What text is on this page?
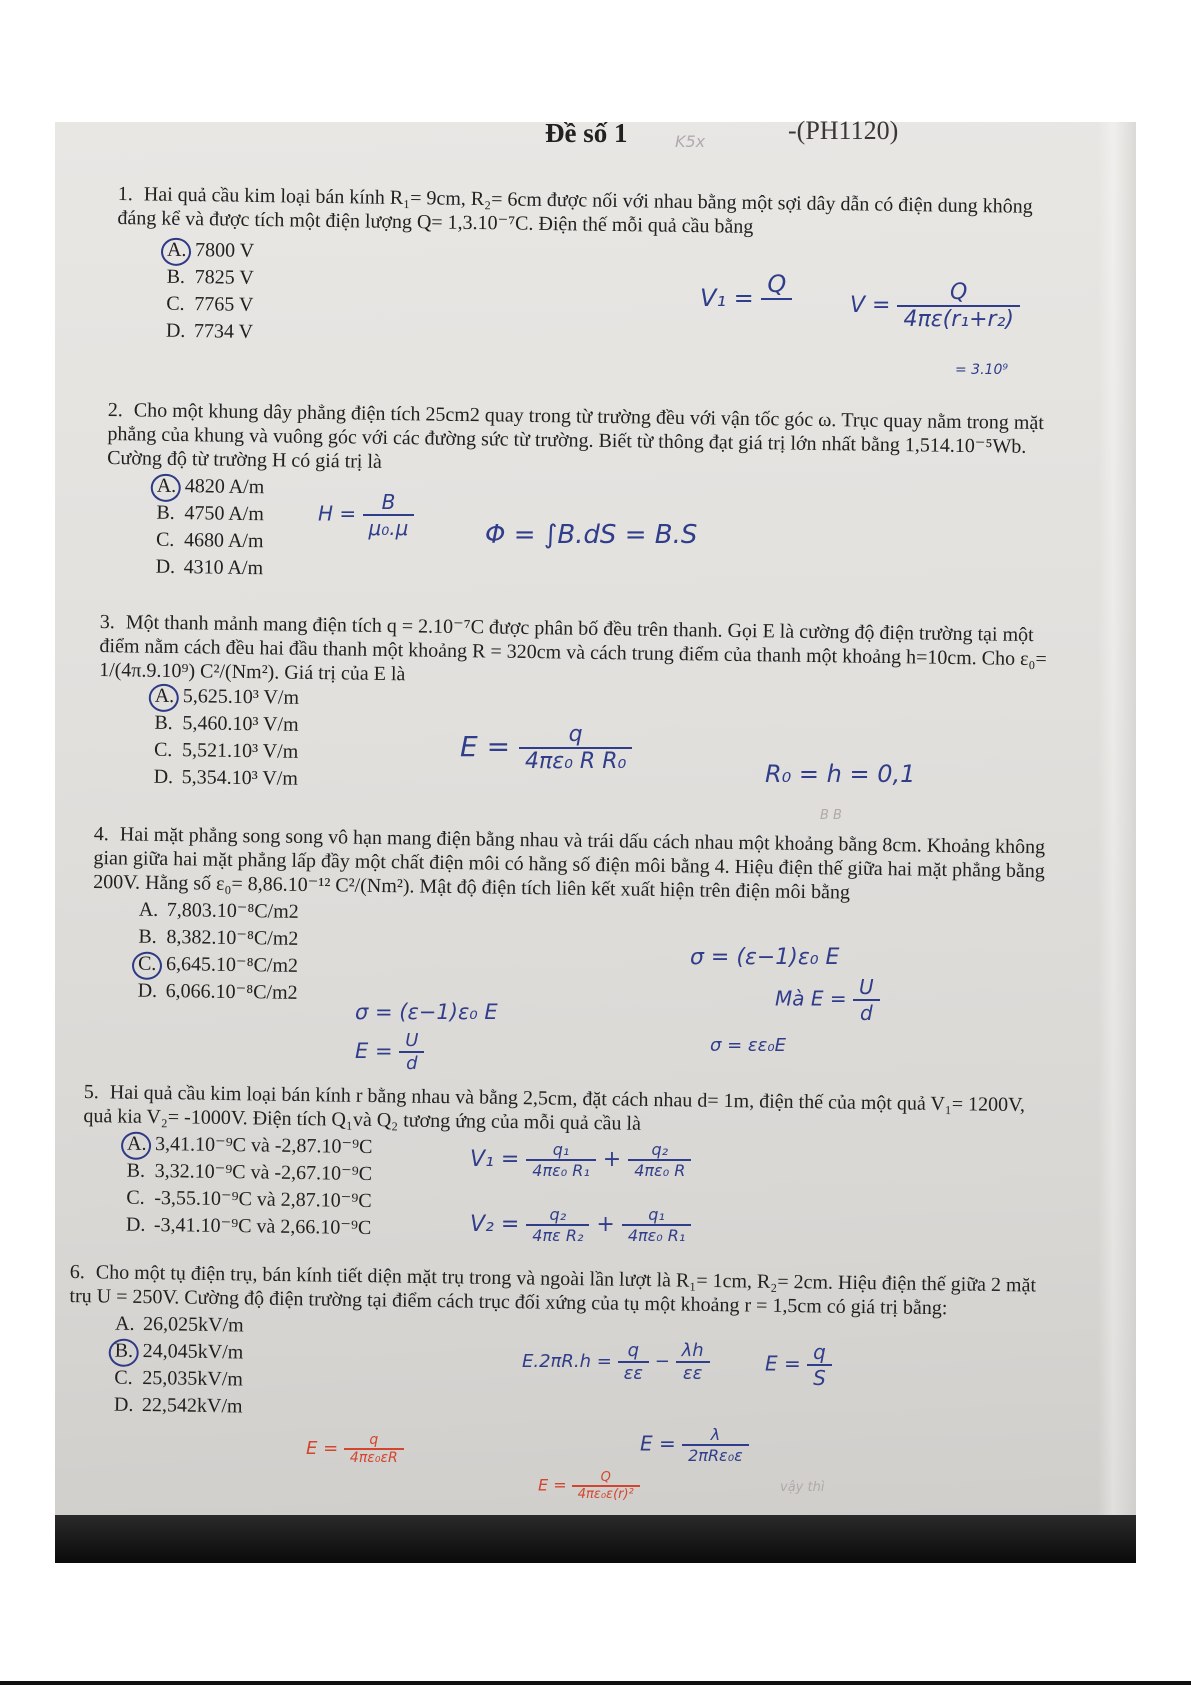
Đề số 1	K5x	-(PH1120)

1. Hai quả cầu kim loại bán kính R₁= 9cm, R₂= 6cm được nối với nhau bằng một sợi dây dẫn có điện dung không đáng kể và được tích một điện lượng Q= 1,3.10⁻⁷C. Điện thế mỗi quả cầu bằng

A. 7800 V
B. 7825 V
C. 7765 V
D. 7734 V
V₁ = Q

$V = \frac{Q}{\text{4πε(r₁+r₂)}}$
= 3.10⁹

2. Cho một khung dây phẳng điện tích 25cm2 quay trong từ trường đều với vận tốc góc ω. Trục quay nằm trong mặt phẳng của khung và vuông góc với các đường sức từ trường. Biết từ thông đạt giá trị lớn nhất bằng 1,514.10⁻⁵Wb. Cường độ từ trường H có giá trị là

A. 4820 A/m
B. 4750 A/m
C. 4680 A/m
D. 4310 A/m
$H = \frac{B}{\text{μ₀.μ}}$	Φ = ∫B.dS = B.S

3. Một thanh mảnh mang điện tích q = 2.10⁻⁷C được phân bố đều trên thanh. Gọi E là cường độ điện trường tại một điểm nằm cách đều hai đầu thanh một khoảng R = 320cm và cách trung điểm của thanh một khoảng h=10cm. Cho ε₀= 1/(4π.9.10⁹) C²/(Nm²). Giá trị của E là

A. 5,625.10³ V/m
B. 5,460.10³ V/m
C. 5,521.10³ V/m
D. 5,354.10³ V/m
$E = \frac{q}{\text{4πε₀ R R₀}}$	R₀ = h = 0,1
B B

4. Hai mặt phẳng song song vô hạn mang điện bằng nhau và trái dấu cách nhau một khoảng bằng 8cm. Khoảng không gian giữa hai mặt phẳng lấp đầy một chất điện môi có hằng số điện môi bằng 4. Hiệu điện thế giữa hai mặt phẳng bằng 200V. Hằng số ε₀= 8,86.10⁻¹² C²/(Nm²). Mật độ điện tích liên kết xuất hiện trên điện môi bằng

A. 7,803.10⁻⁸C/m2
B. 8,382.10⁻⁸C/m2
C. 6,645.10⁻⁸C/m2
D. 6,066.10⁻⁸C/m2
σ = (ε−1)ε₀ E
Mà $E = \frac{U}{d}$
σ = (ε−1)ε₀ E
$E = \frac{U}{d}$	σ = εε₀E

5. Hai quả cầu kim loại bán kính r bằng nhau và bằng 2,5cm, đặt cách nhau d= 1m, điện thế của một quả V₁= 1200V, quả kia V₂= -1000V. Điện tích Q₁và Q₂ tương ứng của mỗi quả cầu là

A. 3,41.10⁻⁹C và -2,87.10⁻⁹C
B. 3,32.10⁻⁹C và -2,67.10⁻⁹C
C. -3,55.10⁻⁹C và 2,87.10⁻⁹C
D. -3,41.10⁻⁹C và 2,66.10⁻⁹C
$V_1 = \frac{\text{q₁}}{\text{4πε₀ R₁}} + \frac{\text{q₂}}{\text{4πε₀ R}}$
$V_2 = \frac{\text{q₂}}{\text{4πε R₂}} + \frac{\text{q₁}}{\text{4πε₀ R₁}}$

6. Cho một tụ điện trụ, bán kính tiết diện mặt trụ trong và ngoài lần lượt là R₁= 1cm, R₂= 2cm. Hiệu điện thế giữa 2 mặt trụ U = 250V. Cường độ điện trường tại điểm cách trục đối xứng của tụ một khoảng r = 1,5cm có giá trị bằng:

A. 26,025kV/m
B. 24,045kV/m
C. 25,035kV/m
D. 22,542kV/m
$E.2\pi R.h = \frac{q}{\varepsilon\varepsilon} - \frac{\lambda h}{\varepsilon\varepsilon}$	$E = \frac{q}{S}$
$E = \frac{\lambda}{\text{2πRε₀ε}}$
$E = \frac{q}{\text{4πε₀εR}}$
$E = \frac{Q}{\text{4πε₀ε(r)²}}$	vậy thì
